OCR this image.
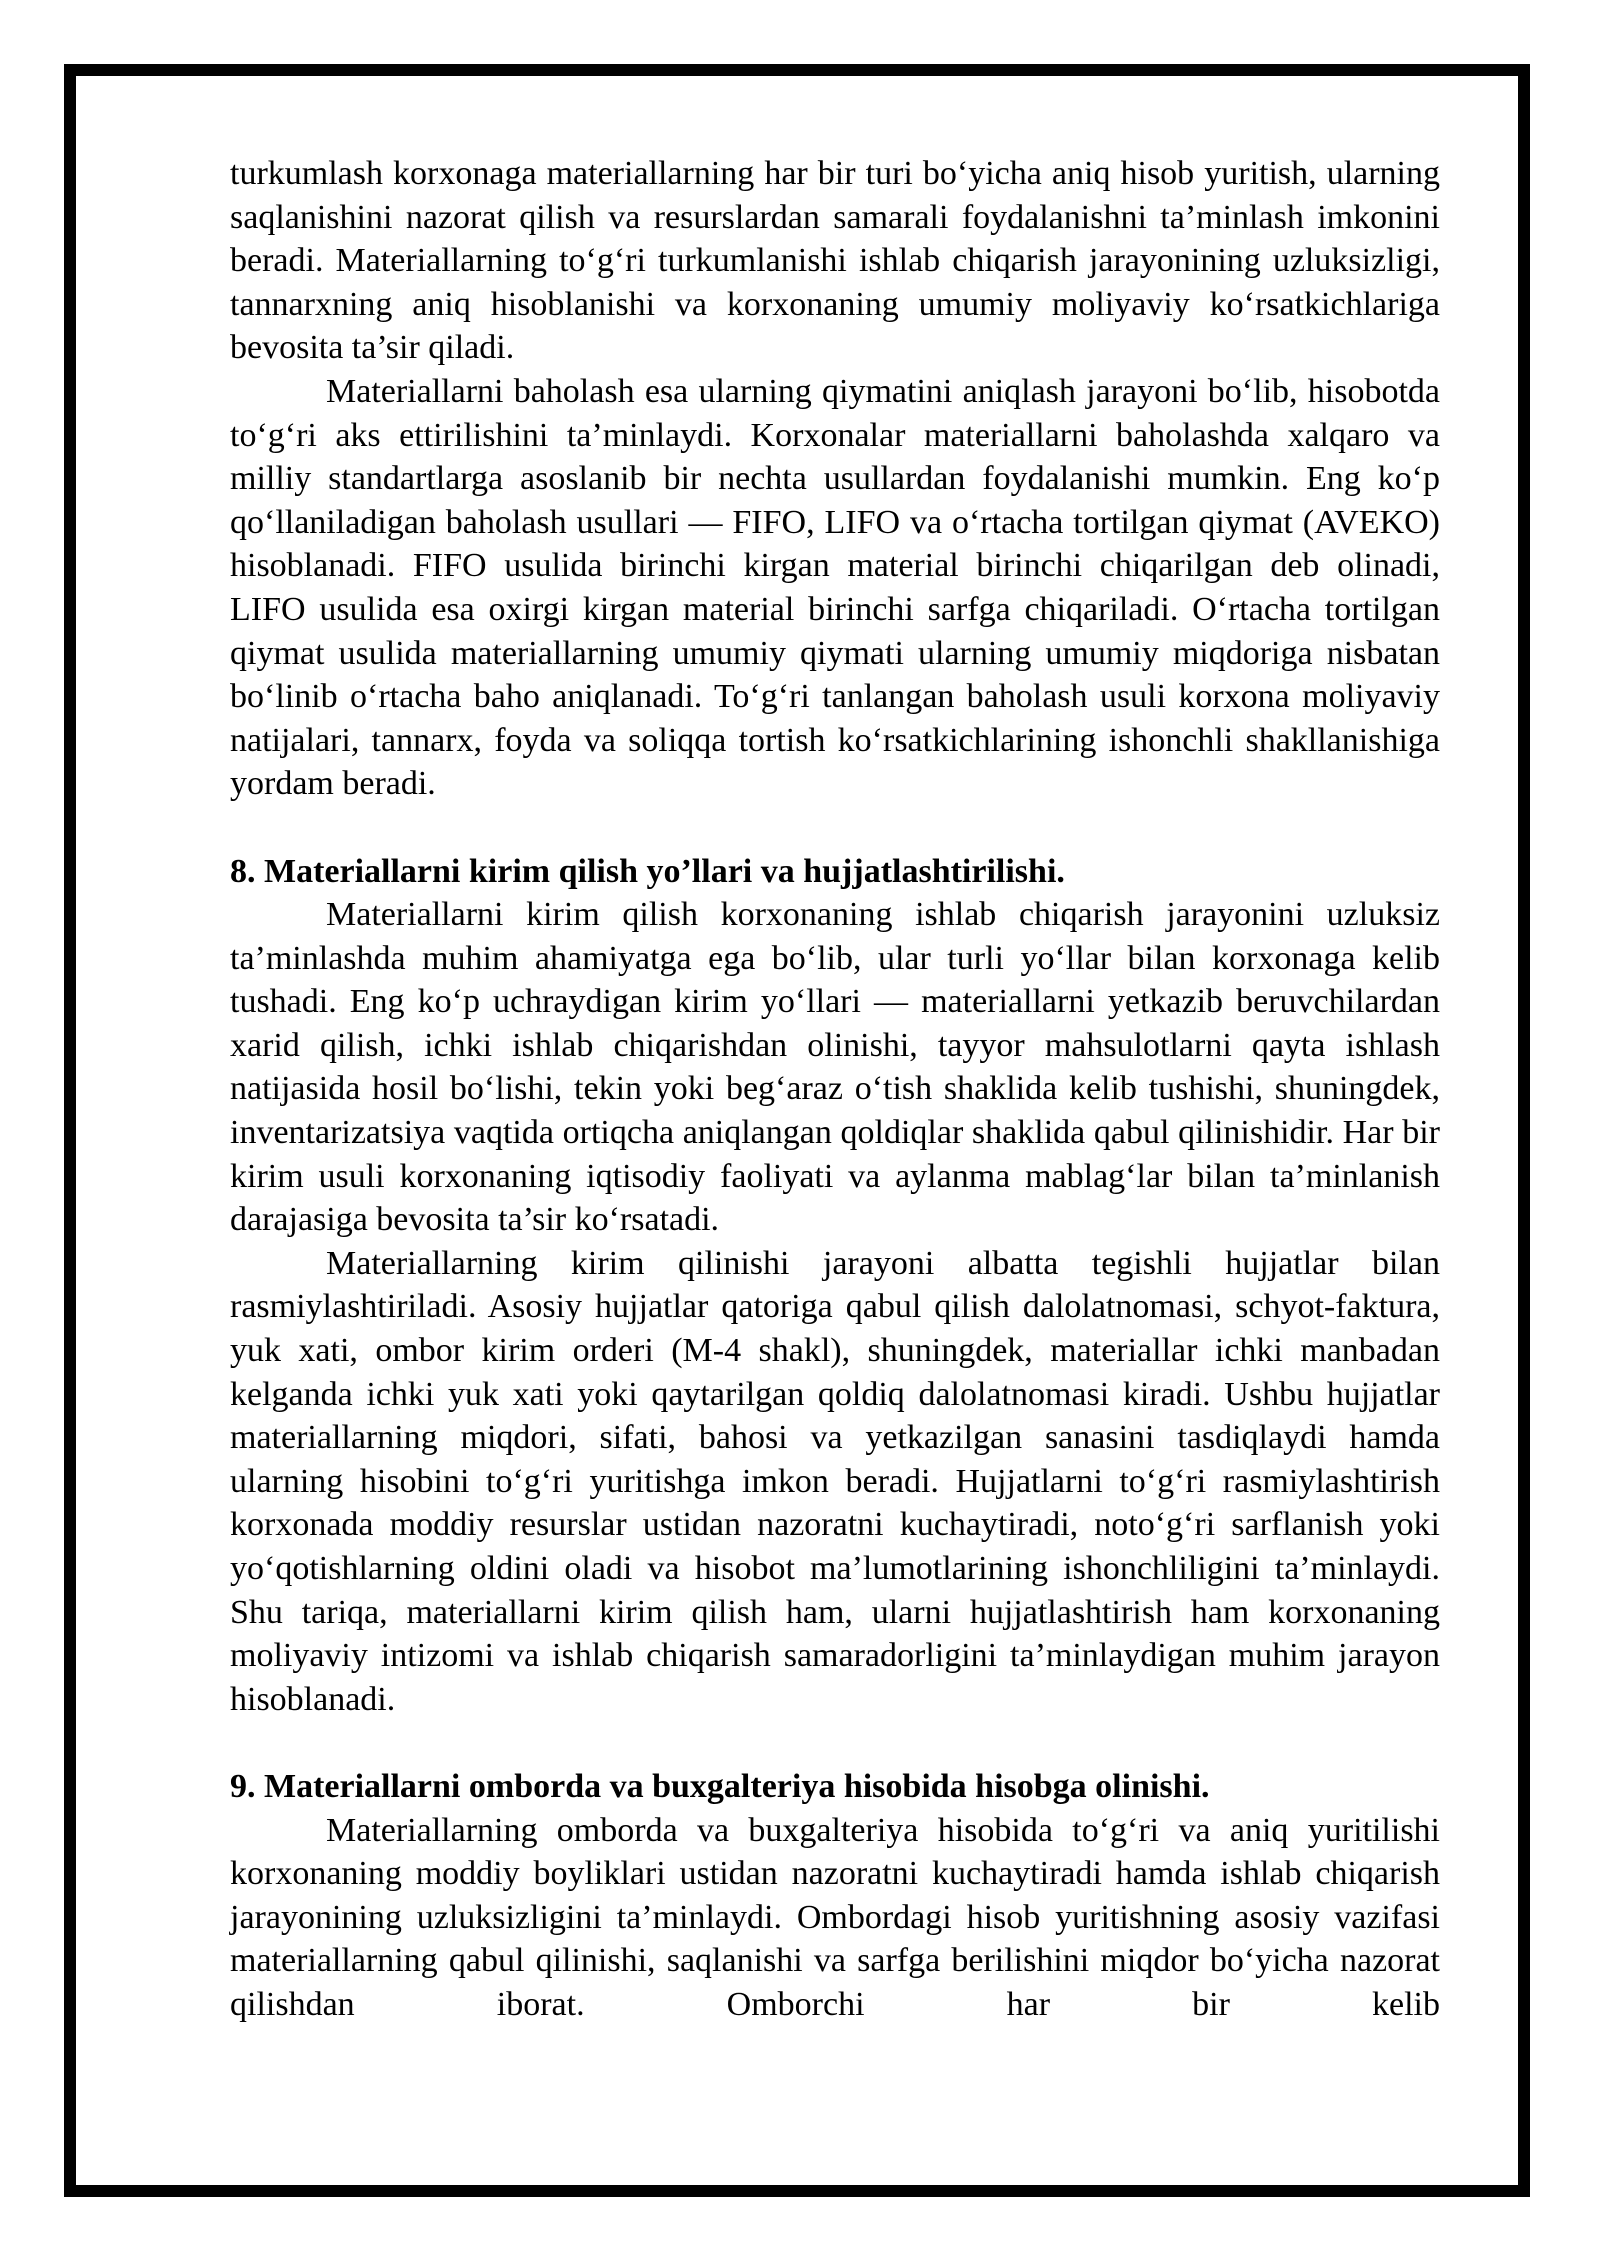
turkumlash korxonaga materiallarning har bir turi bo‘yicha aniq hisob yuritish, ularning saqlanishini nazorat qilish va resurslardan samarali foydalanishni ta’minlash imkonini beradi. Materiallarning to‘g‘ri turkumlanishi ishlab chiqarish jarayonining uzluksizligi, tannarxning aniq hisoblanishi va korxonaning umumiy moliyaviy ko‘rsatkichlariga bevosita ta’sir qiladi.

Materiallarni baholash esa ularning qiymatini aniqlash jarayoni bo‘lib, hisobotda to‘g‘ri aks ettirilishini ta’minlaydi. Korxonalar materiallarni baholashda xalqaro va milliy standartlarga asoslanib bir nechta usullardan foydalanishi mumkin. Eng ko‘p qo‘llaniladigan baholash usullari — FIFO, LIFO va o‘rtacha tortilgan qiymat (AVEKO) hisoblanadi. FIFO usulida birinchi kirgan material birinchi chiqarilgan deb olinadi, LIFO usulida esa oxirgi kirgan material birinchi sarfga chiqariladi. O‘rtacha tortilgan qiymat usulida materiallarning umumiy qiymati ularning umumiy miqdoriga nisbatan bo‘linib o‘rtacha baho aniqlanadi. To‘g‘ri tanlangan baholash usuli korxona moliyaviy natijalari, tannarx, foyda va soliqqa tortish ko‘rsatkichlarining ishonchli shakllanishiga yordam beradi.

8. Materiallarni kirim qilish yo’llari va hujjatlashtirilishi.

Materiallarni kirim qilish korxonaning ishlab chiqarish jarayonini uzluksiz ta’minlashda muhim ahamiyatga ega bo‘lib, ular turli yo‘llar bilan korxonaga kelib tushadi. Eng ko‘p uchraydigan kirim yo‘llari — materiallarni yetkazib beruvchilardan xarid qilish, ichki ishlab chiqarishdan olinishi, tayyor mahsulotlarni qayta ishlash natijasida hosil bo‘lishi, tekin yoki beg‘araz o‘tish shaklida kelib tushishi, shuningdek, inventarizatsiya vaqtida ortiqcha aniqlangan qoldiqlar shaklida qabul qilinishidir. Har bir kirim usuli korxonaning iqtisodiy faoliyati va aylanma mablag‘lar bilan ta’minlanish darajasiga bevosita ta’sir ko‘rsatadi.

Materiallarning kirim qilinishi jarayoni albatta tegishli hujjatlar bilan rasmiylashtiriladi. Asosiy hujjatlar qatoriga qabul qilish dalolatnomasi, schyot-faktura, yuk xati, ombor kirim orderi (M-4 shakl), shuningdek, materiallar ichki manbadan kelganda ichki yuk xati yoki qaytarilgan qoldiq dalolatnomasi kiradi. Ushbu hujjatlar materiallarning miqdori, sifati, bahosi va yetkazilgan sanasini tasdiqlaydi hamda ularning hisobini to‘g‘ri yuritishga imkon beradi. Hujjatlarni to‘g‘ri rasmiylashtirish korxonada moddiy resurslar ustidan nazoratni kuchaytiradi, noto‘g‘ri sarflanish yoki yo‘qotishlarning oldini oladi va hisobot ma’lumotlarining ishonchliligini ta’minlaydi. Shu tariqa, materiallarni kirim qilish ham, ularni hujjatlashtirish ham korxonaning moliyaviy intizomi va ishlab chiqarish samaradorligini ta’minlaydigan muhim jarayon hisoblanadi.

9. Materiallarni omborda va buxgalteriya hisobida hisobga olinishi.

Materiallarning omborda va buxgalteriya hisobida to‘g‘ri va aniq yuritilishi korxonaning moddiy boyliklari ustidan nazoratni kuchaytiradi hamda ishlab chiqarish jarayonining uzluksizligini ta’minlaydi. Ombordagi hisob yuritishning asosiy vazifasi materiallarning qabul qilinishi, saqlanishi va sarfga berilishini miqdor bo‘yicha nazorat qilishdan iborat. Omborchi har bir kelib
